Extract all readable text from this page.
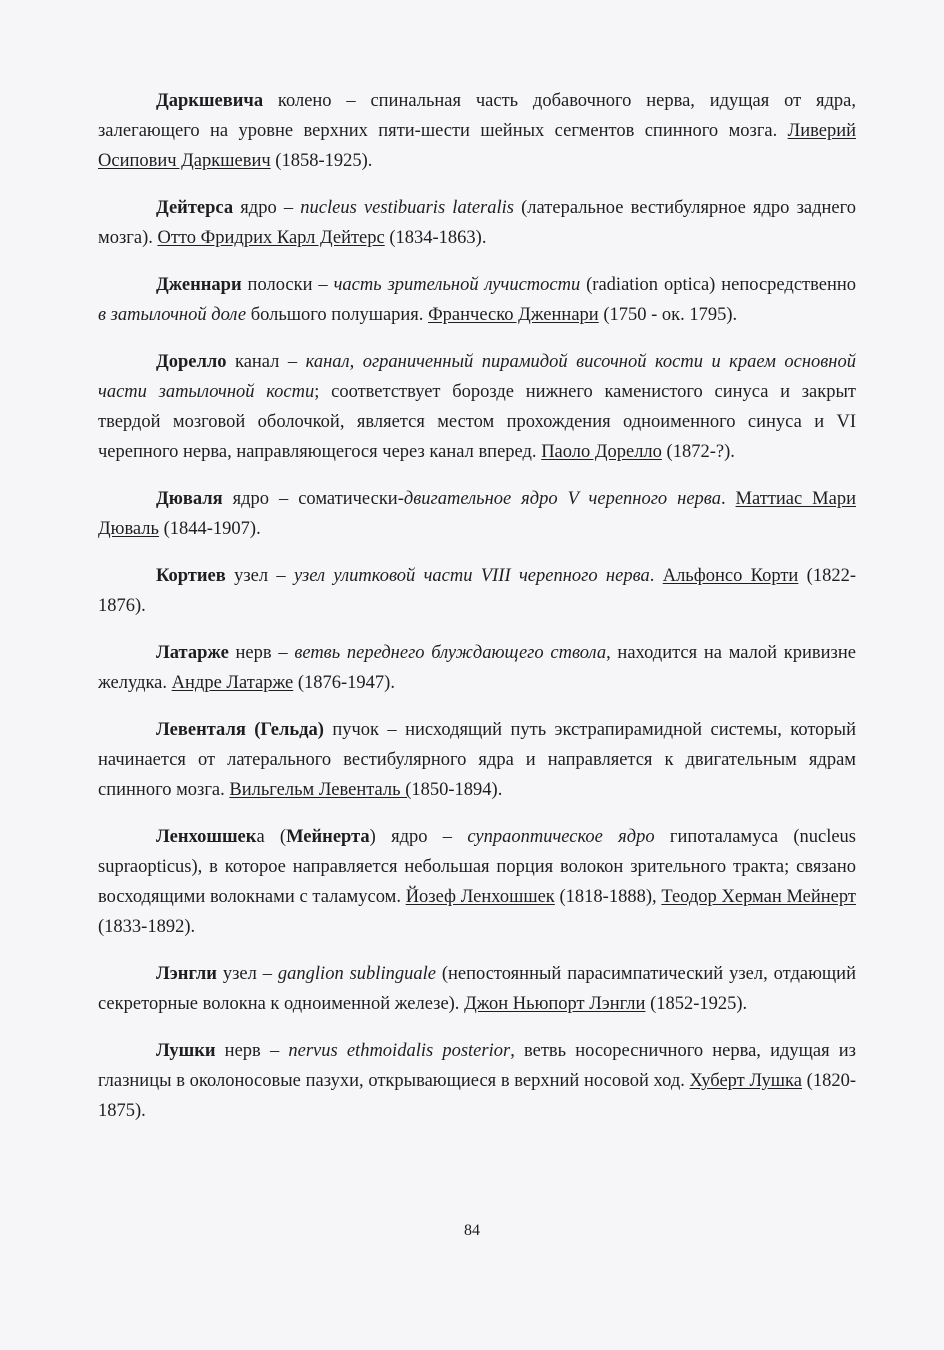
Даркшевича колено – спинальная часть добавочного нерва, идущая от ядра, залегающего на уровне верхних пяти-шести шейных сегментов спинного мозга. Ливерий Осипович Даркшевич (1858-1925).

Дейтерса ядро – nucleus vestibuaris lateralis (латеральное вестибулярное ядро заднего мозга). Отто Фридрих Карл Дейтерс (1834-1863).

Дженнари полоски – часть зрительной лучистости (radiation optica) непосредственно в затылочной доле большого полушария. Франческо Дженнари (1750 - ок. 1795).

Дорелло канал – канал, ограниченный пирамидой височной кости и краем основной части затылочной кости; соответствует борозде нижнего каменистого синуса и закрыт твердой мозговой оболочкой, является местом прохождения одноименного синуса и VI черепного нерва, направляющегося через канал вперед. Паоло Дорелло (1872-?).

Дюваля ядро – соматически-двигательное ядро V черепного нерва. Маттиас Мари Дюваль (1844-1907).

Кортиев узел – узел улитковой части VIII черепного нерва. Альфонсо Корти (1822-1876).

Латарже нерв – ветвь переднего блуждающего ствола, находится на малой кривизне желудка. Андре Латарже (1876-1947).

Левенталя (Гельда) пучок – нисходящий путь экстрапирамидной системы, который начинается от латерального вестибулярного ядра и направляется к двигательным ядрам спинного мозга. Вильгельм Левенталь (1850-1894).

Ленхошшека (Мейнерта) ядро – супраоптическое ядро гипоталамуса (nucleus supraopticus), в которое направляется небольшая порция волокон зрительного тракта; связано восходящими волокнами с таламусом. Йозеф Ленхошшек (1818-1888), Теодор Херман Мейнерт (1833-1892).

Лэнгли узел – ganglion sublinguale (непостоянный парасимпатический узел, отдающий секреторные волокна к одноименной железе). Джон Ньюпорт Лэнгли (1852-1925).

Лушки нерв – nervus ethmoidalis posterior, ветвь носоресничного нерва, идущая из глазницы в околоносовые пазухи, открывающиеся в верхний носовой ход. Хуберт Лушка (1820-1875).

84
